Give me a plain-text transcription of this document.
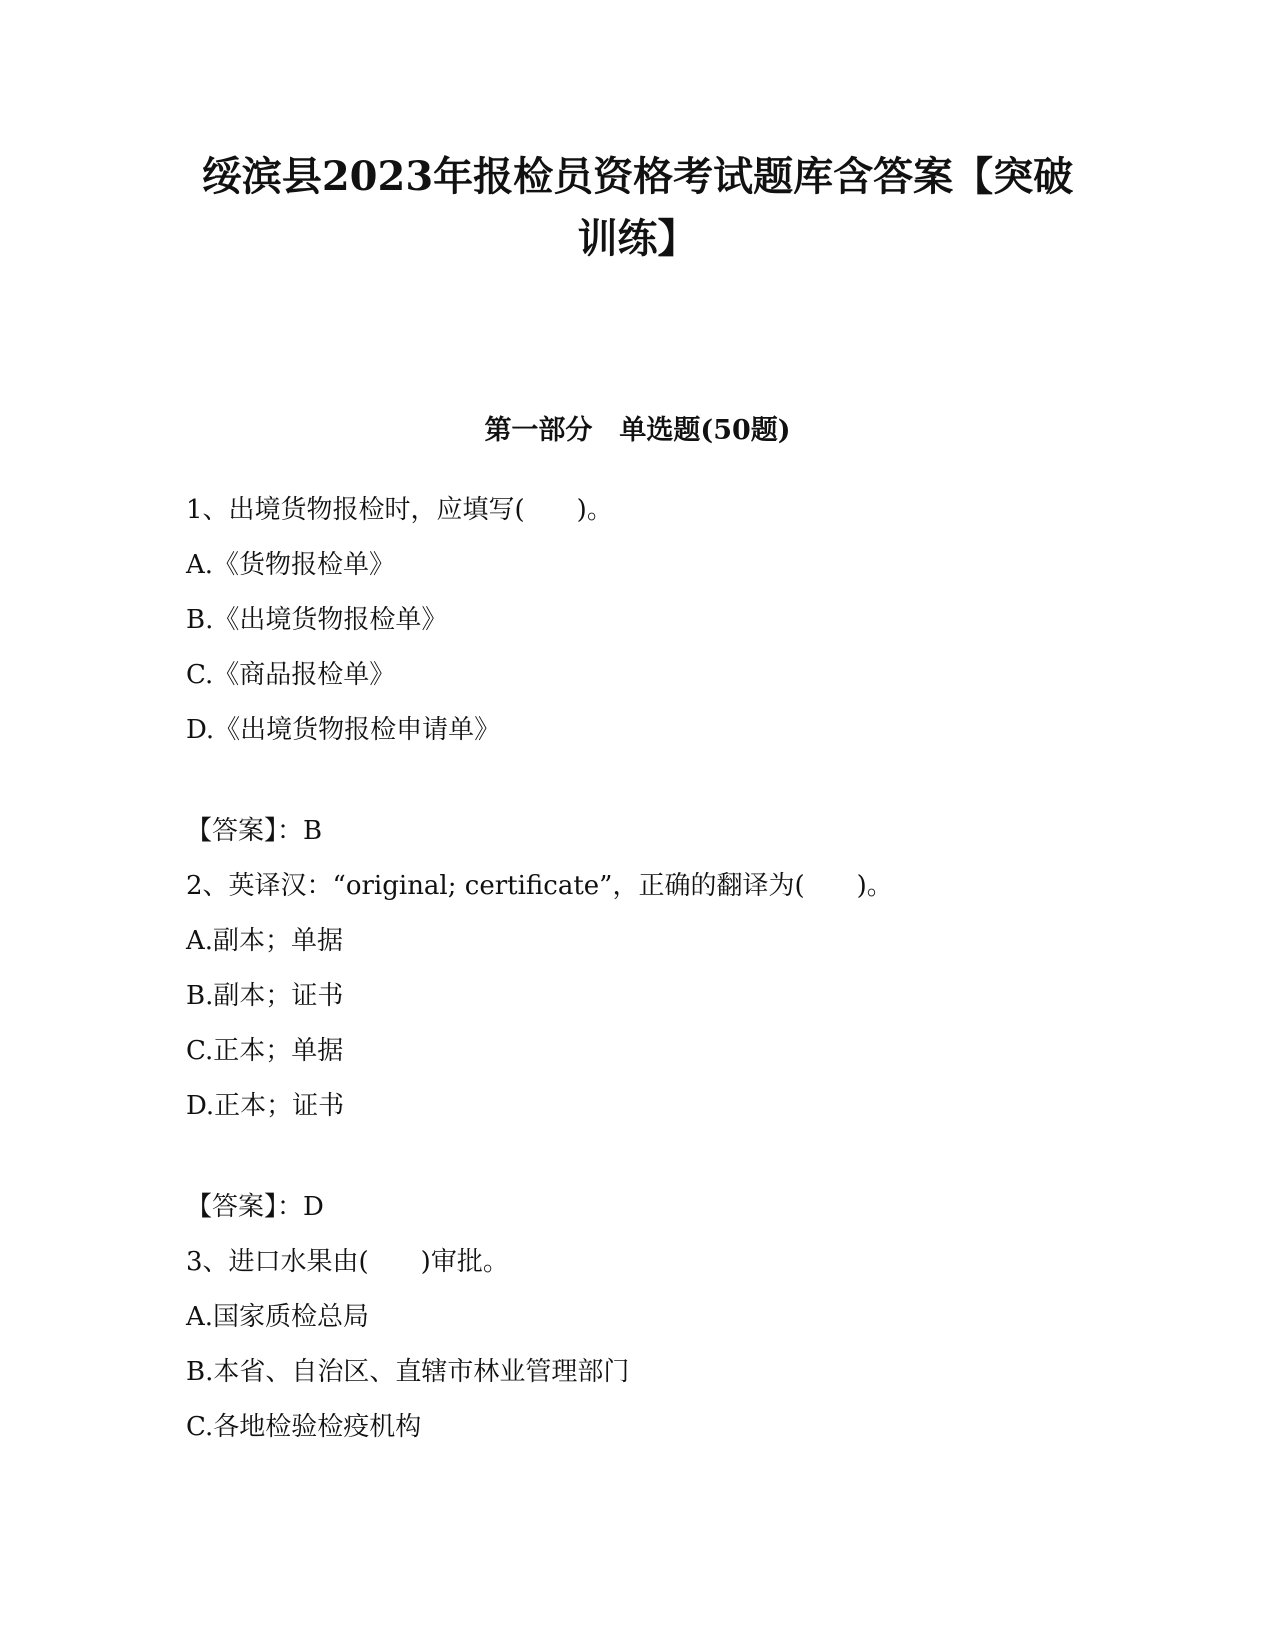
绥滨县2023年报检员资格考试题库含答案【突破
训练】
第一部分　单选题(50题)
1、出境货物报检时，应填写(　　)。
A.《货物报检单》
B.《出境货物报检单》
C.《商品报检单》
D.《出境货物报检申请单》
【答案】：B
2、英译汉：“original; certificate”，正确的翻译为(　　)。
A.副本；单据
B.副本；证书
C.正本；单据
D.正本；证书
【答案】：D
3、进口水果由(　　)审批。
A.国家质检总局
B.本省、自治区、直辖市林业管理部门
C.各地检验检疫机构
